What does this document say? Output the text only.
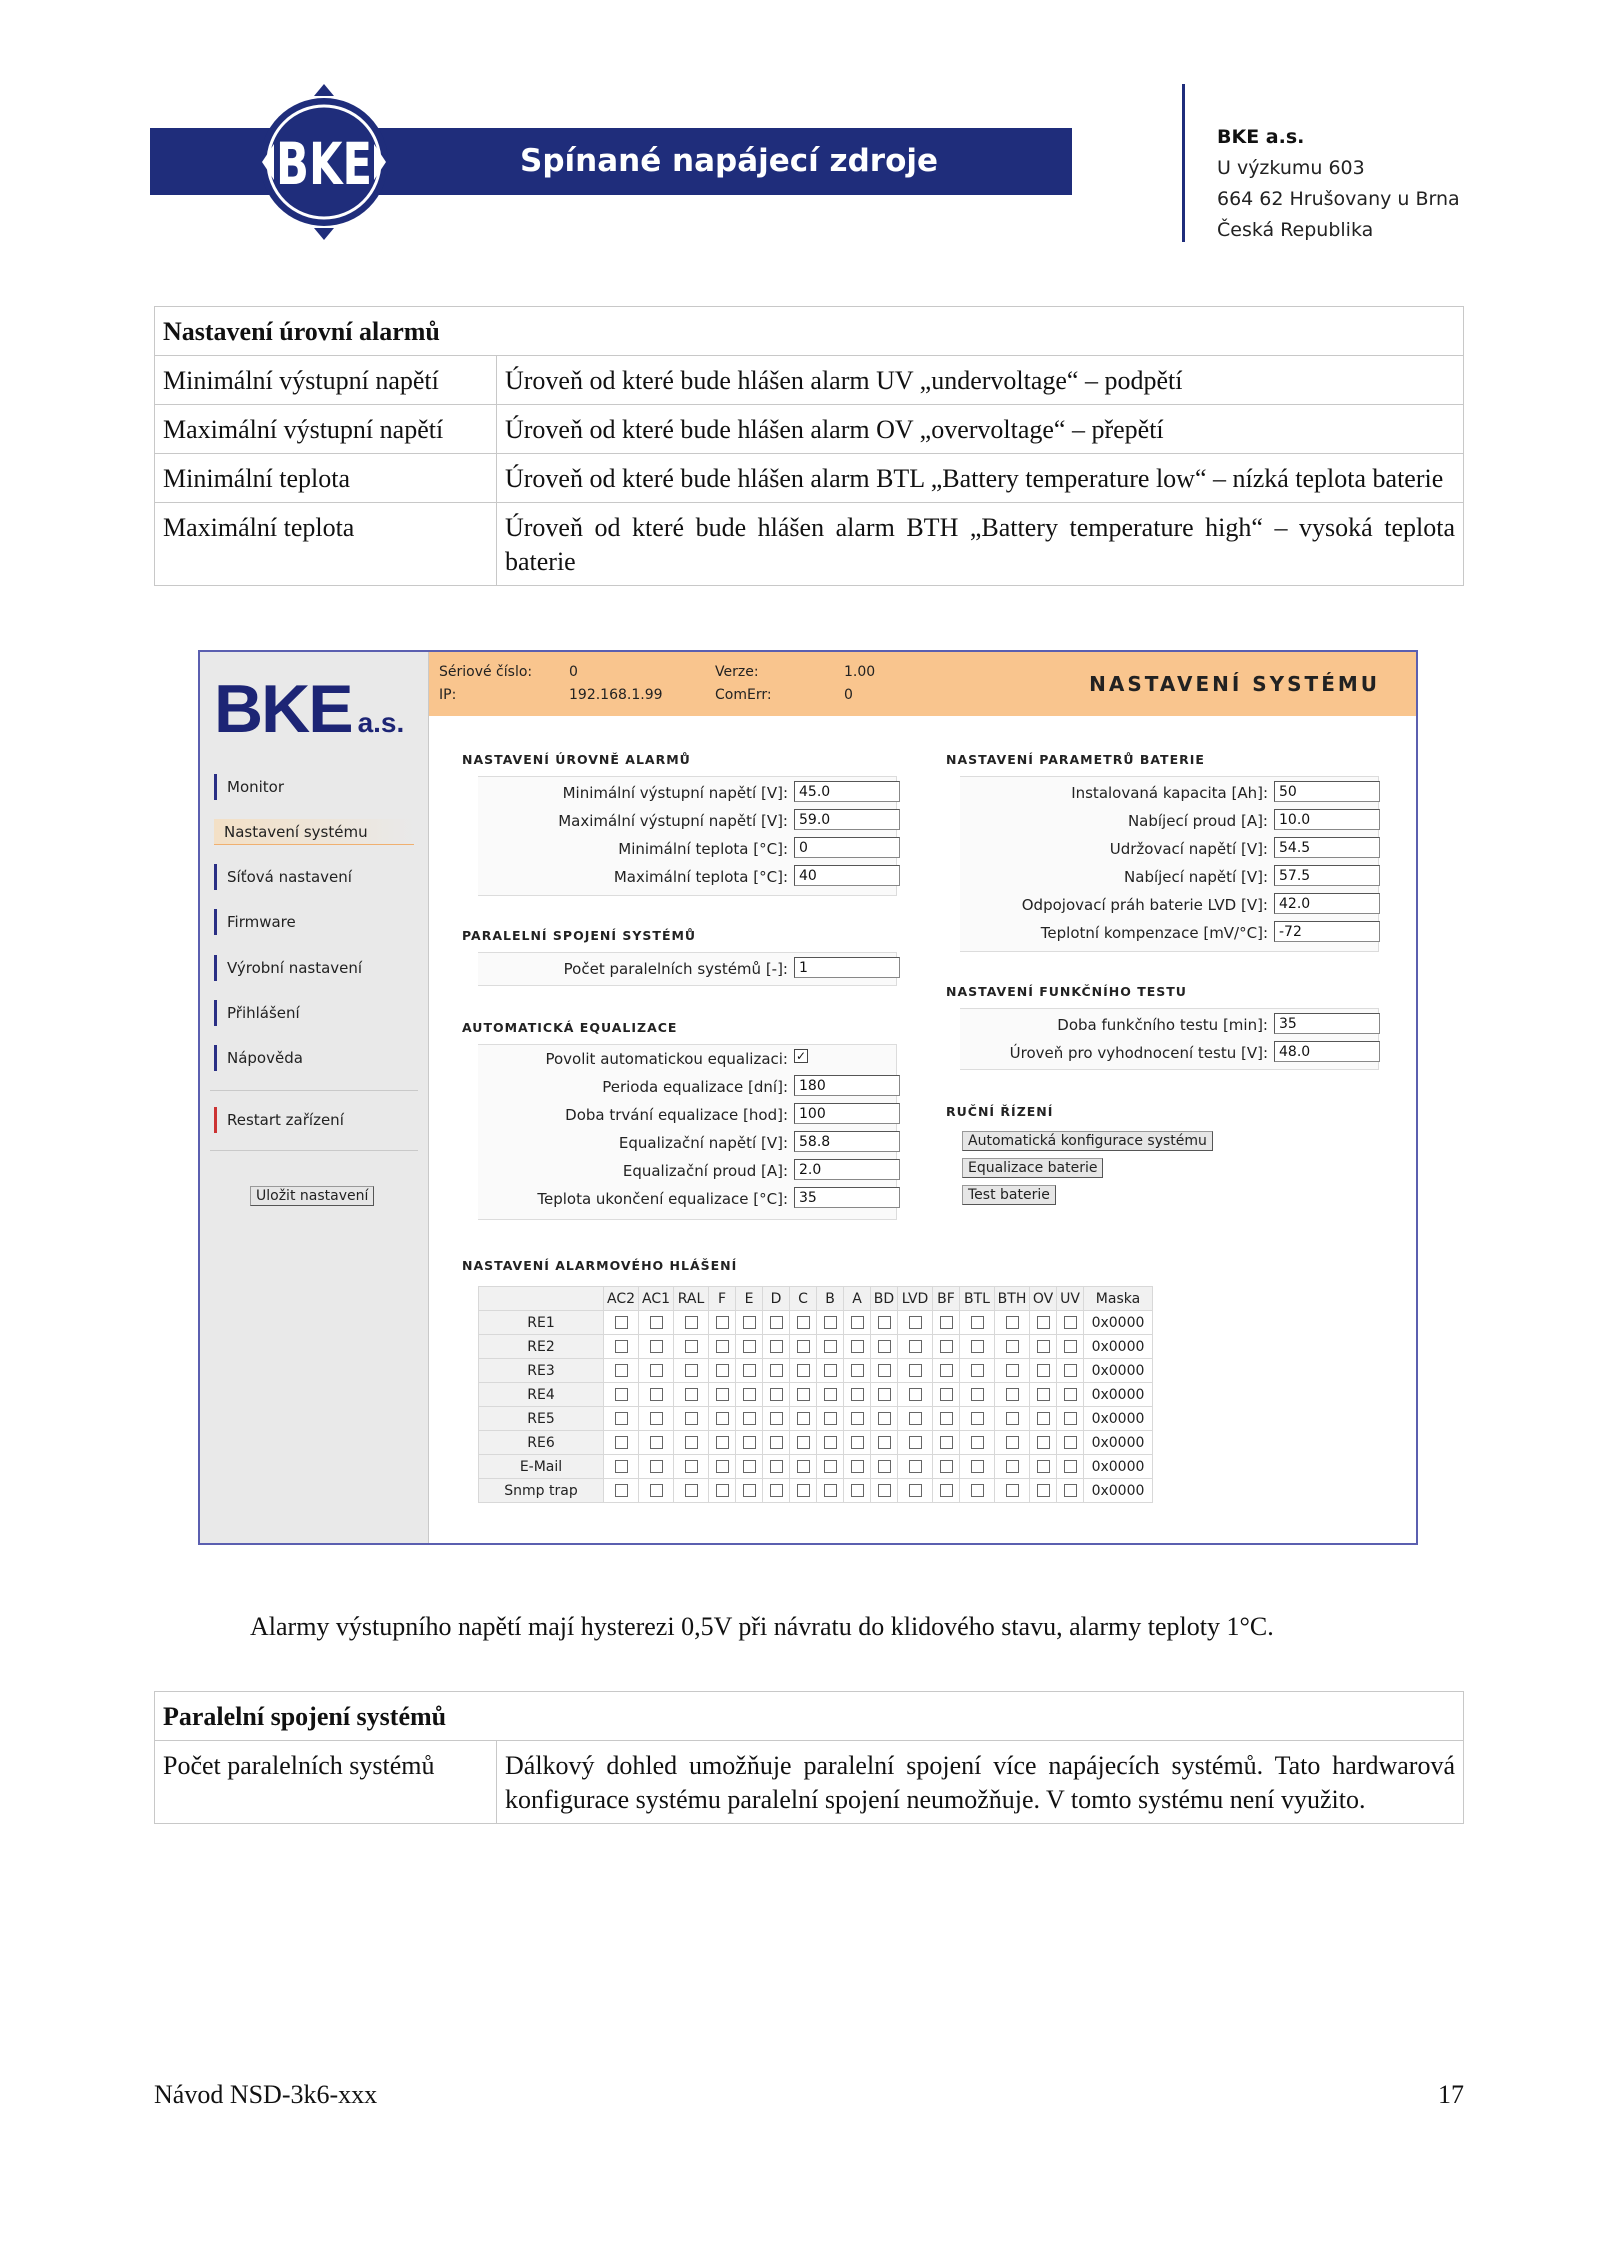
BKE	Spínané napájecí zdroje
BKE a.s.
U výzkumu 603
664 62 Hrušovany u Brna
Česká Republika
Nastavení úrovní alarmů	
Minimální výstupní napětí	Úroveň od které bude hlášen alarm UV „undervoltage“ – podpětí
Maximální výstupní napětí	Úroveň od které bude hlášen alarm OV „overvoltage“ – přepětí
Minimální teplota	Úroveň od které bude hlášen alarm BTL „Battery temperature low“ – nízká teplota baterie
Maximální teplota	Úroveň od které bude hlášen alarm BTH „Battery temperature high“ – vysoká teplota baterie
BKE a.s.
Monitor
Nastavení systému
Síťová nastavení
Firmware
Výrobní nastavení
Přihlášení
Nápověda
Restart zařízení
Uložit nastavení
Sériové číslo:	0
IP:	192.168.1.99
Verze:	1.00
ComErr:	0	NASTAVENÍ SYSTÉMU
NASTAVENÍ ÚROVNĚ ALARMŮ
Minimální výstupní napětí [V]: 45.0
Maximální výstupní napětí [V]: 59.0
Minimální teplota [°C]: 0
Maximální teplota [°C]: 40
PARALELNÍ SPOJENÍ SYSTÉMŮ
Počet paralelních systémů [-]: 1
AUTOMATICKÁ EQUALIZACE
Povolit automatickou equalizaci: ✓
Perioda equalizace [dní]: 180
Doba trvání equalizace [hod]: 100
Equalizační napětí [V]: 58.8
Equalizační proud [A]: 2.0
Teplota ukončení equalizace [°C]: 35
NASTAVENÍ PARAMETRŮ BATERIE
Instalovaná kapacita [Ah]: 50
Nabíjecí proud [A]: 10.0
Udržovací napětí [V]: 54.5
Nabíjecí napětí [V]: 57.5
Odpojovací práh baterie LVD [V]: 42.0
Teplotní kompenzace [mV/°C]: -72
NASTAVENÍ FUNKČNÍHO TESTU
Doba funkčního testu [min]: 35
Úroveň pro vyhodnocení testu [V]: 48.0
RUČNÍ ŘÍZENÍ
Automatická konfigurace systému
Equalizace baterie
Test baterie
NASTAVENÍ ALARMOVÉHO HLÁŠENÍ
	AC2	AC1	RAL	F	E	D	C	B	A	BD	LVD	BF	BTL	BTH	OV	UV	Maska
RE1																	0x0000
RE2																	0x0000
RE3																	0x0000
RE4																	0x0000
RE5																	0x0000
RE6																	0x0000
E-Mail																	0x0000
Snmp trap																	0x0000
Alarmy výstupního napětí mají hysterezi 0,5V při návratu do klidového stavu, alarmy teploty 1°C.
Paralelní spojení systémů
Počet paralelních systémů	Dálkový dohled umožňuje paralelní spojení více napájecích systémů. Tato hardwarová konfigurace systému paralelní spojení neumožňuje. V tomto systému není využito.
Návod NSD-3k6-xxx	17
